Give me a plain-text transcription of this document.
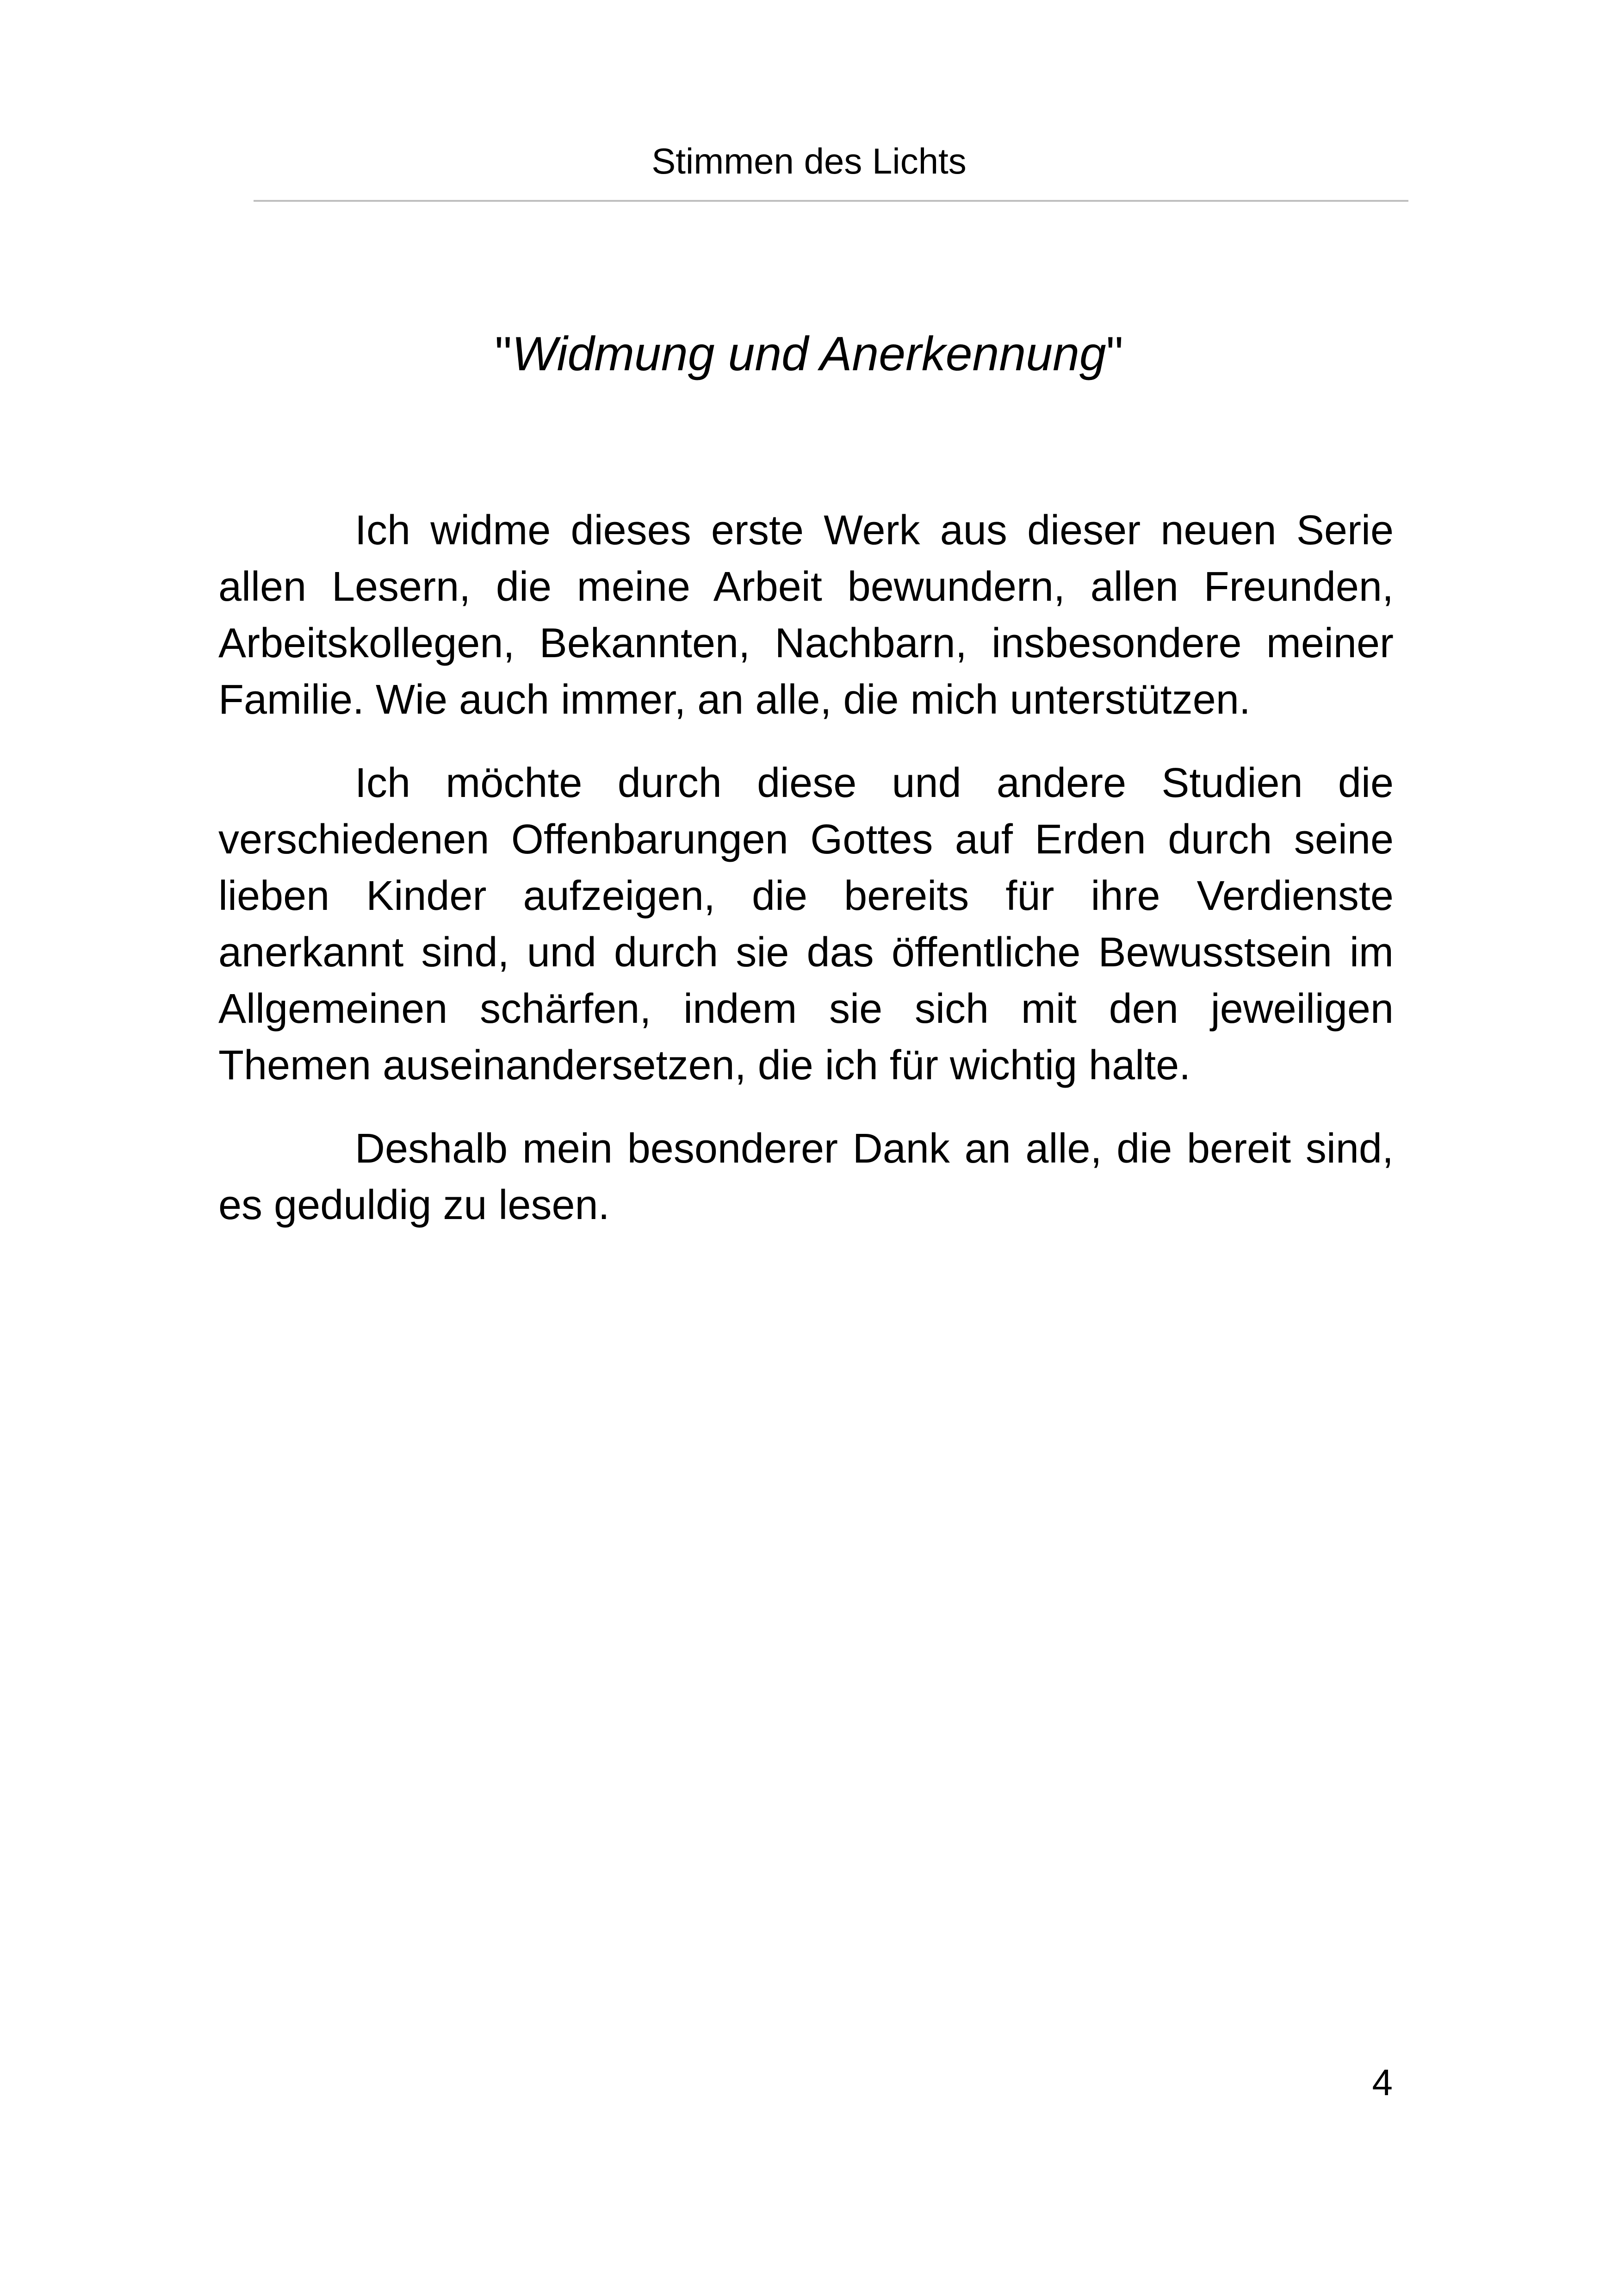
Stimmen des Lichts
"Widmung und Anerkennung"

Ich widme dieses erste Werk aus dieser neuen Serie allen Lesern, die meine Arbeit bewundern, allen Freunden, Arbeitskollegen, Bekannten, Nachbarn, insbesondere meiner Familie. Wie auch immer, an alle, die mich unterstützen.

Ich möchte durch diese und andere Studien die verschiedenen Offenbarungen Gottes auf Erden durch seine lieben Kinder aufzeigen, die bereits für ihre Verdienste anerkannt sind, und durch sie das öffentliche Bewusstsein im Allgemeinen schärfen, indem sie sich mit den jeweiligen Themen auseinandersetzen, die ich für wichtig halte.

Deshalb mein besonderer Dank an alle, die bereit sind, es geduldig zu lesen.

4
